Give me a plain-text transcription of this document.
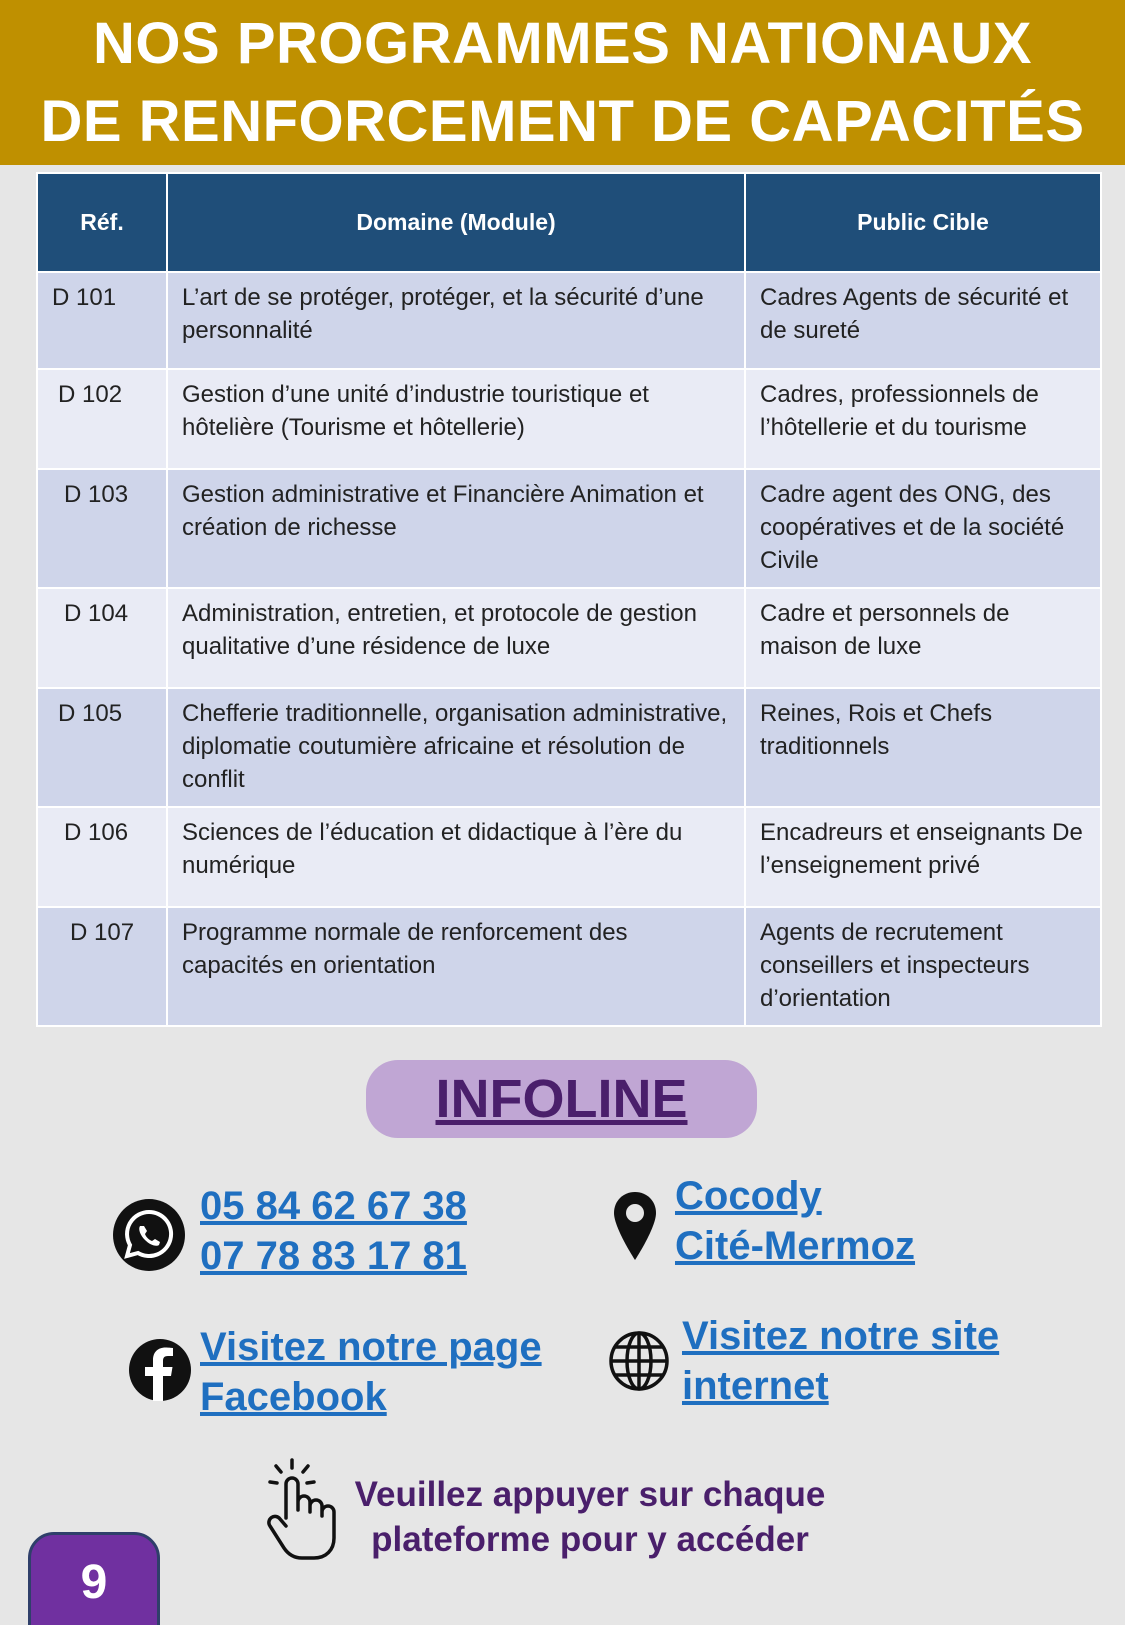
NOS PROGRAMMES NATIONAUX
DE RENFORCEMENT DE CAPACITÉS
Réf.	Domaine (Module)	Public Cible
D 101	L’art de se protéger, protéger, et la sécurité d’une personnalité	Cadres Agents de sécurité et de sureté
D 102	Gestion d’une unité d’industrie touristique et hôtelière (Tourisme et hôtellerie)	Cadres, professionnels de l’hôtellerie et du tourisme
D 103	Gestion administrative et Financière Animation et création de richesse	Cadre agent des ONG, des coopératives et de la société Civile
D 104	Administration, entretien, et protocole de gestion qualitative d’une résidence de luxe	Cadre et personnels de maison de luxe
D 105	Chefferie traditionnelle, organisation administrative, diplomatie coutumière africaine et résolution de conflit	Reines, Rois et Chefs traditionnels
D 106	Sciences de l’éducation et didactique à l’ère du numérique	Encadreurs et enseignants De l’enseignement privé
D 107	Programme normale de renforcement des capacités en orientation	Agents de recrutement conseillers et inspecteurs d’orientation
INFOLINE
05 84 62 67 38
07 78 83 17 81
Cocody
Cité-Mermoz
Visitez notre page
Facebook
Visitez notre site
internet
Veuillez appuyer sur chaque
plateforme pour y accéder
9
